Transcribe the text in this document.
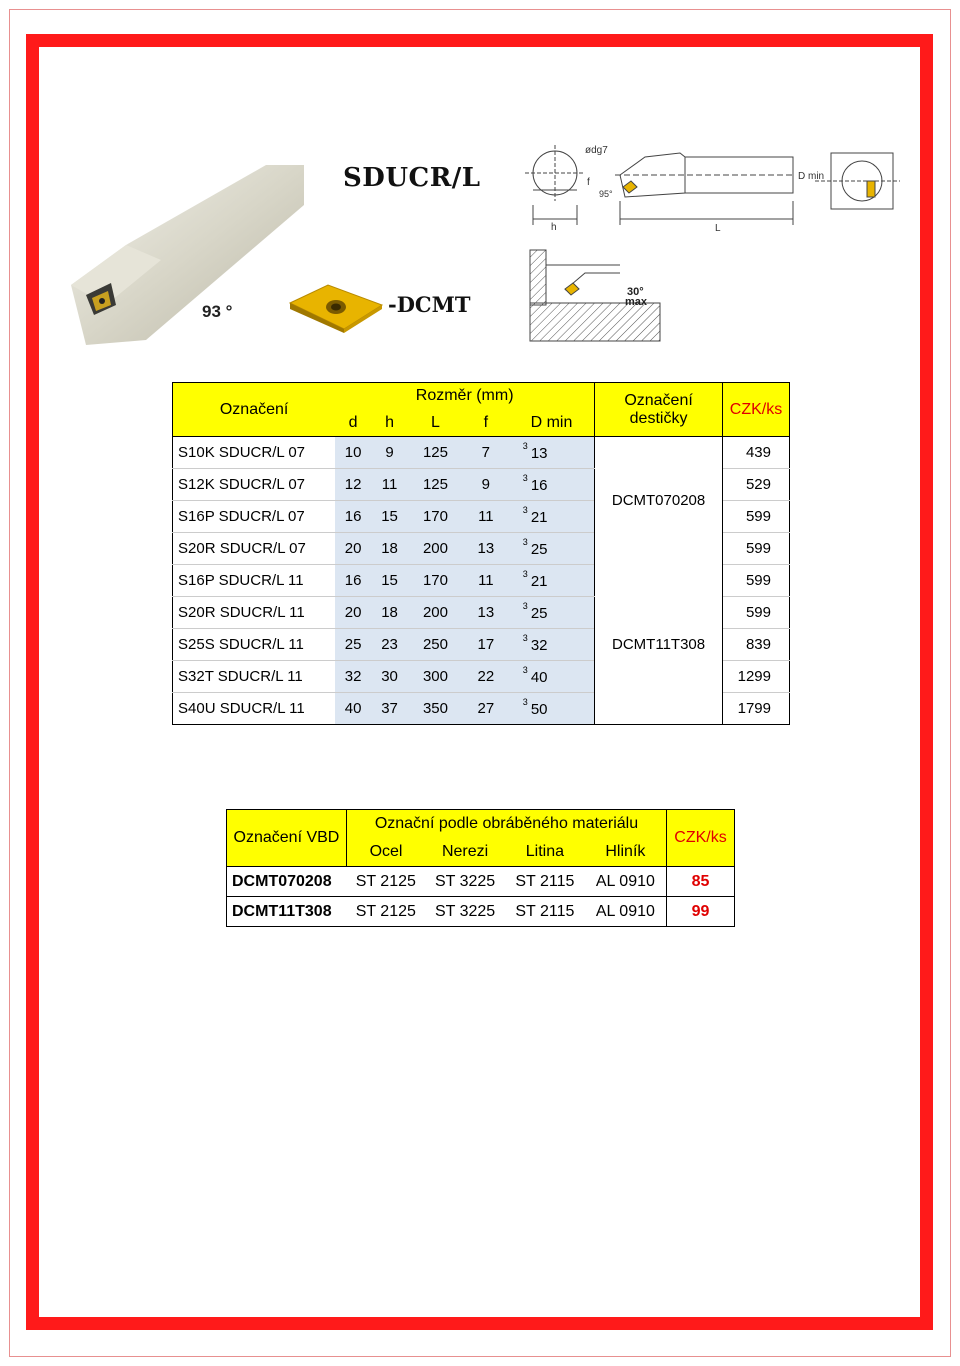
SDUCR/L
93 °	-DCMT
ødg7
f
h	L
D min
95°
30°
max
Označení	Rozměr (mm)					Označení destičky	CZK/ks
	d	h	L	f	D min		
S10K SDUCR/L 07	10	9	125	7	$^3$ 13	DCMT070208	439
S12K SDUCR/L 07	12	11	125	9	$^3$ 16		529
S16P SDUCR/L 07	16	15	170	11	$^3$ 21		599
S20R SDUCR/L 07	20	18	200	13	$^3$ 25		599
S16P SDUCR/L 11	16	15	170	11	$^3$ 21	DCMT11T308	599
S20R SDUCR/L 11	20	18	200	13	$^3$ 25		599
S25S SDUCR/L 11	25	23	250	17	$^3$ 32		839
S32T SDUCR/L 11	32	30	300	22	$^3$ 40		1299
S40U SDUCR/L 11	40	37	350	27	$^3$ 50		1799
Označení VBD	Označní podle obráběného materiálu				CZK/ks
	Ocel	Nerezi	Litina	Hliník	
DCMT070208	ST 2125	ST 3225	ST 2115	AL 0910	85
DCMT11T308	ST 2125	ST 3225	ST 2115	AL 0910	99
